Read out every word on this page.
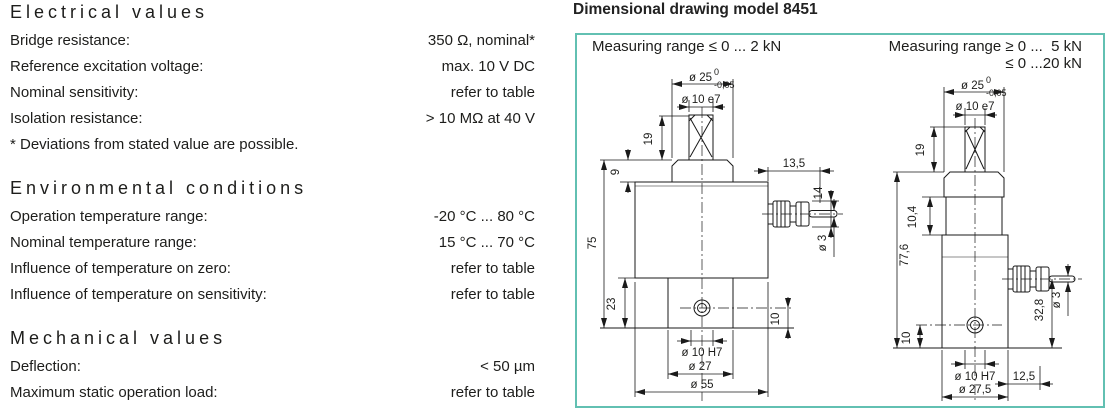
Electrical values
Bridge resistance:	350 Ω, nominal*
Reference excitation voltage:	max. 10 V DC
Nominal sensitivity:	refer to table
Isolation resistance:	> 10 MΩ at 40 V
* Deviations from stated value are possible.
Environmental conditions
Operation temperature range:	-20 °C ... 80 °C
Nominal temperature range:	15 °C ... 70 °C
Influence of temperature on zero:	refer to table
Influence of temperature on sensitivity:	refer to table
Mechanical values
Deflection:	< 50 µm
Maximum static operation load:	refer to table
Dimensional drawing model 8451
Measuring range ≤ 0 ... 2 kN	Measuring range ≥ 0 ...  5 kN
≤ 0 ...20 kN
ø 25 0
-0,05
ø 10 e7
19
9
75
23
10
13,5
14
ø 3
ø 10 H7
ø 27
ø 55
ø 25 0
-0,05
ø 10 e7
19
10,4
77,6
10
32,8 ø 3
12,5
ø 10 H7
ø 27,5
